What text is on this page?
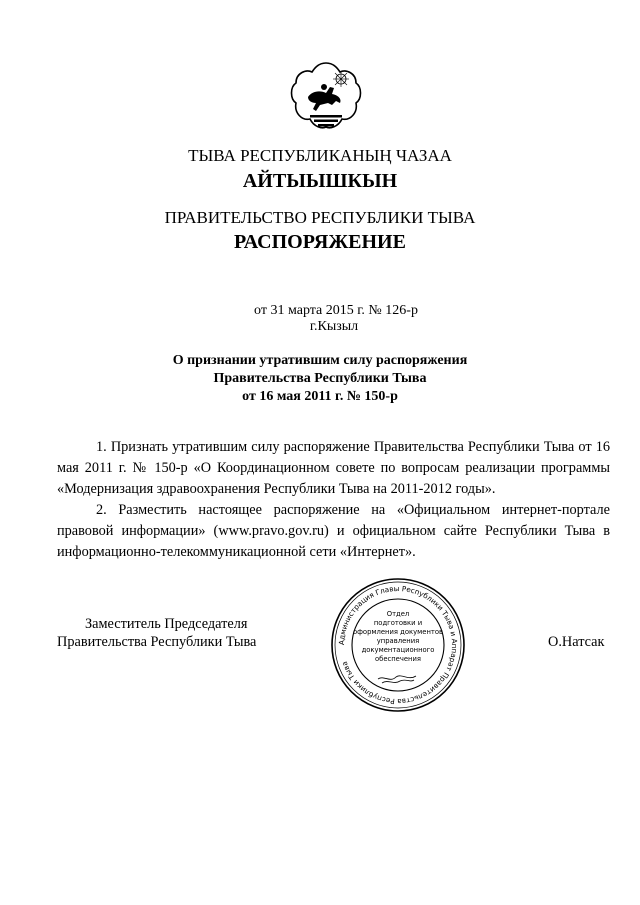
ТЫВА РЕСПУБЛИКАНЫҢ ЧАЗАА
АЙТЫЫШКЫН
ПРАВИТЕЛЬСТВО РЕСПУБЛИКИ ТЫВА
РАСПОРЯЖЕНИЕ
от 31 марта 2015 г. № 126-р
г.Кызыл
О признании утратившим силу распоряжения
Правительства Республики Тыва
от 16 мая 2011 г. № 150-р

1. Признать утратившим силу распоряжение Правительства Республики Тыва от 16 мая 2011 г. № 150-р «О Координационном совете по вопросам реализации программы «Модернизация здравоохранения Республики Тыва на 2011-2012 годы».

2. Разместить настоящее распоряжение на «Официальном интернет-портале правовой информации» (www.pravo.gov.ru) и официальном сайте Республики Тыва в информационно-телекоммуникационной сети «Интернет».

Заместитель Председателя
Правительства Республики Тыва	О.Натсак
Администрация Главы Республики Тыва и Аппарат Правительства Республики Тыва
Отдел
подготовки и
оформления документов
управления
документационного
обеспечения
